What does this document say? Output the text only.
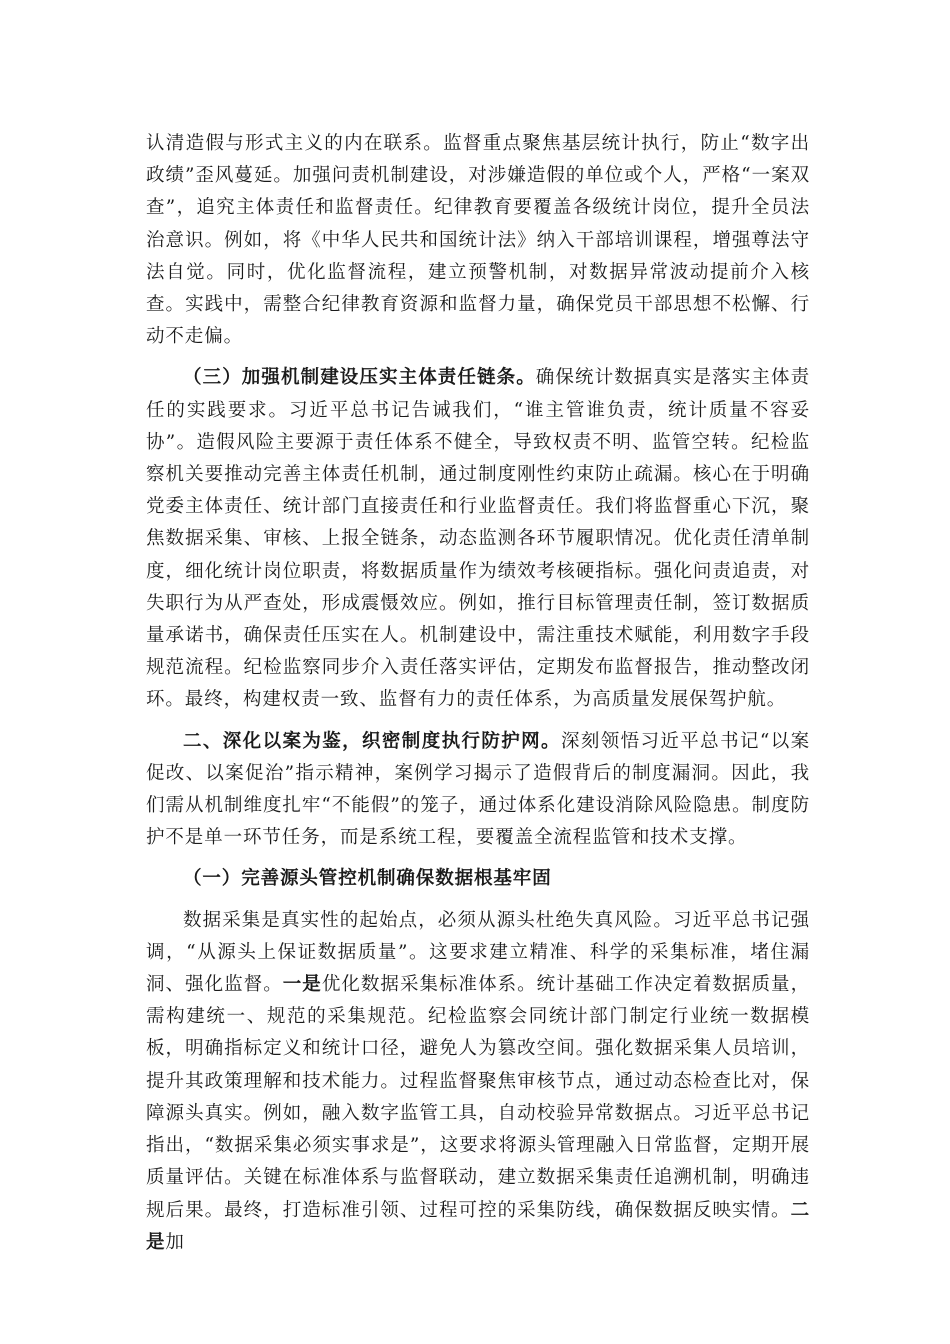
认清造假与形式主义的内在联系。监督重点聚焦基层统计执行，防止“数字出政绩”歪风蔓延。加强问责机制建设，对涉嫌造假的单位或个人，严格“一案双查”，追究主体责任和监督责任。纪律教育要覆盖各级统计岗位，提升全员法治意识。例如，将《中华人民共和国统计法》纳入干部培训课程，增强尊法守法自觉。同时，优化监督流程，建立预警机制，对数据异常波动提前介入核查。实践中，需整合纪律教育资源和监督力量，确保党员干部思想不松懈、行动不走偏。

（三）加强机制建设压实主体责任链条。确保统计数据真实是落实主体责任的实践要求。习近平总书记告诫我们，“谁主管谁负责，统计质量不容妥协”。造假风险主要源于责任体系不健全，导致权责不明、监管空转。纪检监察机关要推动完善主体责任机制，通过制度刚性约束防止疏漏。核心在于明确党委主体责任、统计部门直接责任和行业监督责任。我们将监督重心下沉，聚焦数据采集、审核、上报全链条，动态监测各环节履职情况。优化责任清单制度，细化统计岗位职责，将数据质量作为绩效考核硬指标。强化问责追责，对失职行为从严查处，形成震慑效应。例如，推行目标管理责任制，签订数据质量承诺书，确保责任压实在人。机制建设中，需注重技术赋能，利用数字手段规范流程。纪检监察同步介入责任落实评估，定期发布监督报告，推动整改闭环。最终，构建权责一致、监督有力的责任体系，为高质量发展保驾护航。

二、深化以案为鉴，织密制度执行防护网。深刻领悟习近平总书记“以案促改、以案促治”指示精神，案例学习揭示了造假背后的制度漏洞。因此，我们需从机制维度扎牢“不能假”的笼子，通过体系化建设消除风险隐患。制度防护不是单一环节任务，而是系统工程，要覆盖全流程监管和技术支撑。

（一）完善源头管控机制确保数据根基牢固

数据采集是真实性的起始点，必须从源头杜绝失真风险。习近平总书记强调，“从源头上保证数据质量”。这要求建立精准、科学的采集标准，堵住漏洞、强化监督。一是优化数据采集标准体系。统计基础工作决定着数据质量，需构建统一、规范的采集规范。纪检监察会同统计部门制定行业统一数据模板，明确指标定义和统计口径，避免人为篡改空间。强化数据采集人员培训，提升其政策理解和技术能力。过程监督聚焦审核节点，通过动态检查比对，保障源头真实。例如，融入数字监管工具，自动校验异常数据点。习近平总书记指出，“数据采集必须实事求是”，这要求将源头管理融入日常监督，定期开展质量评估。关键在标准体系与监督联动，建立数据采集责任追溯机制，明确违规后果。最终，打造标准引领、过程可控的采集防线，确保数据反映实情。二是加
